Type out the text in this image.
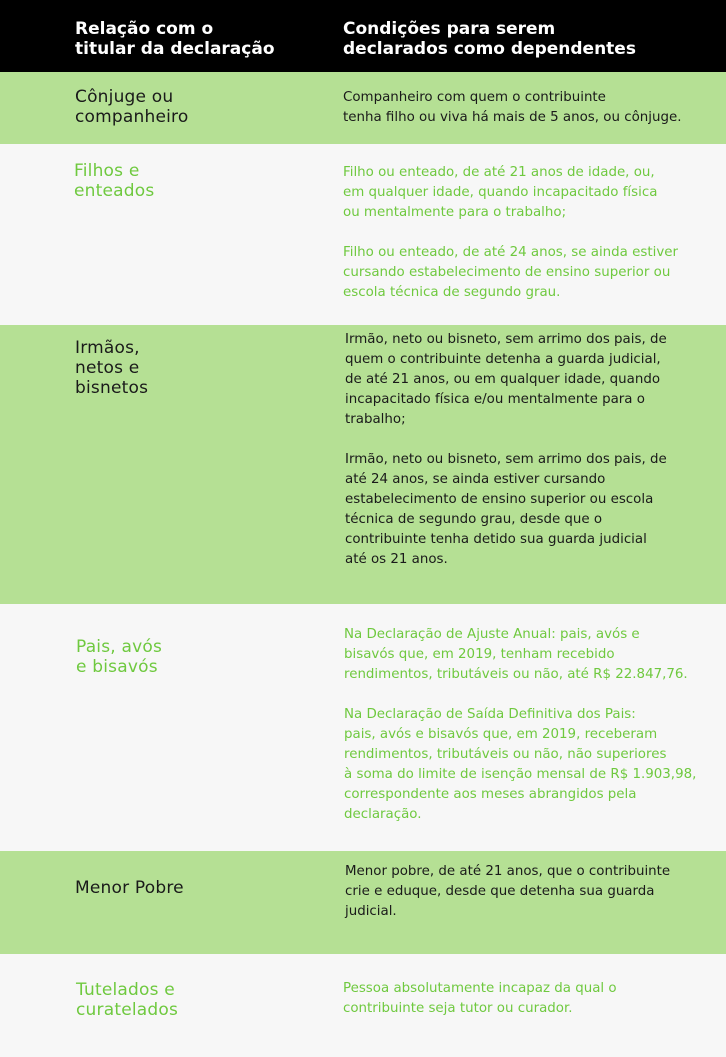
Relação com o
titular da declaração
Condições para serem
declarados como dependentes
Cônjuge ou
companheiro
Companheiro com quem o contribuinte
tenha filho ou viva há mais de 5 anos, ou cônjuge.
Filhos e
enteados
Filho ou enteado, de até 21 anos de idade, ou,
em qualquer idade, quando incapacitado física
ou mentalmente para o trabalho;

Filho ou enteado, de até 24 anos, se ainda estiver
cursando estabelecimento de ensino superior ou
escola técnica de segundo grau.
Irmãos,
netos e
bisnetos
Irmão, neto ou bisneto, sem arrimo dos pais, de
quem o contribuinte detenha a guarda judicial,
de até 21 anos, ou em qualquer idade, quando
incapacitado física e/ou mentalmente para o
trabalho;

Irmão, neto ou bisneto, sem arrimo dos pais, de
até 24 anos, se ainda estiver cursando
estabelecimento de ensino superior ou escola
técnica de segundo grau, desde que o
contribuinte tenha detido sua guarda judicial
até os 21 anos.
Pais, avós
e bisavós
Na Declaração de Ajuste Anual: pais, avós e
bisavós que, em 2019, tenham recebido
rendimentos, tributáveis ou não, até R$ 22.847,76.

Na Declaração de Saída Definitiva dos Pais:
pais, avós e bisavós que, em 2019, receberam
rendimentos, tributáveis ou não, não superiores
à soma do limite de isenção mensal de R$ 1.903,98,
correspondente aos meses abrangidos pela
declaração.
Menor Pobre
Menor pobre, de até 21 anos, que o contribuinte
crie e eduque, desde que detenha sua guarda
judicial.
Tutelados e
curatelados
Pessoa absolutamente incapaz da qual o
contribuinte seja tutor ou curador.
